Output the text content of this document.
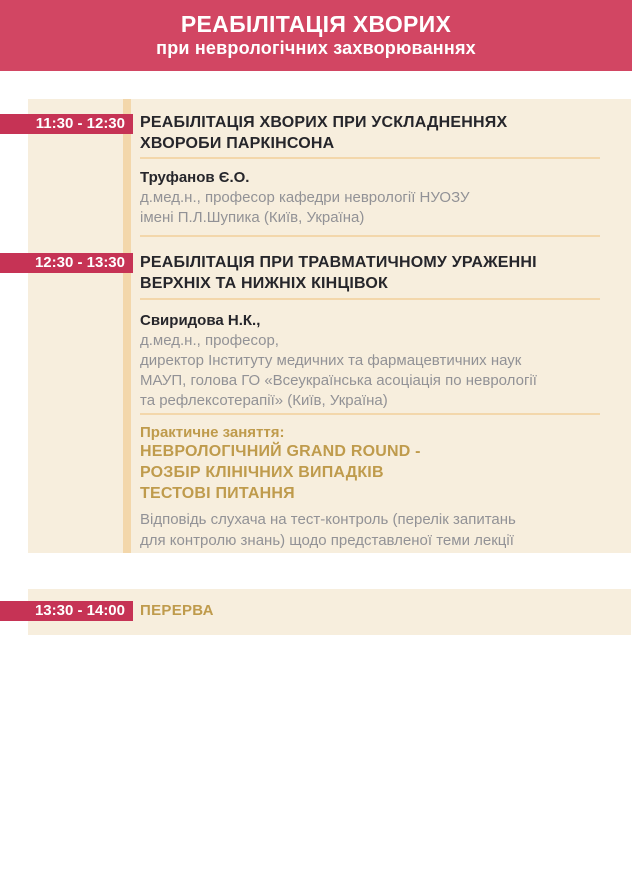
РЕАБІЛІТАЦІЯ ХВОРИХ
при неврологічних захворюваннях
РЕАБІЛІТАЦІЯ ХВОРИХ ПРИ УСКЛАДНЕННЯХ
ХВОРОБИ ПАРКІНСОНА
Труфанов Є.О.
д.мед.н., професор кафедри неврології НУОЗУ
імені П.Л.Шупика (Київ, Україна)
РЕАБІЛІТАЦІЯ ПРИ ТРАВМАТИЧНОМУ УРАЖЕННІ
ВЕРХНІХ ТА НИЖНІХ КІНЦІВОК
Свиридова Н.К.,
д.мед.н., професор,
директор Інституту медичних та фармацевтичних наук
МАУП, голова ГО «Всеукраїнська асоціація по неврології
та рефлексотерапії» (Київ, Україна)
Практичне заняття:
НЕВРОЛОГІЧНИЙ GRAND ROUND -
РОЗБІР КЛІНІЧНИХ ВИПАДКІВ
ТЕСТОВІ ПИТАННЯ
Відповідь слухача на тест-контроль (перелік запитань
для контролю знань) щодо представленої теми лекції
ПЕРЕРВА
11:30 - 12:30
12:30 - 13:30
13:30 - 14:00
